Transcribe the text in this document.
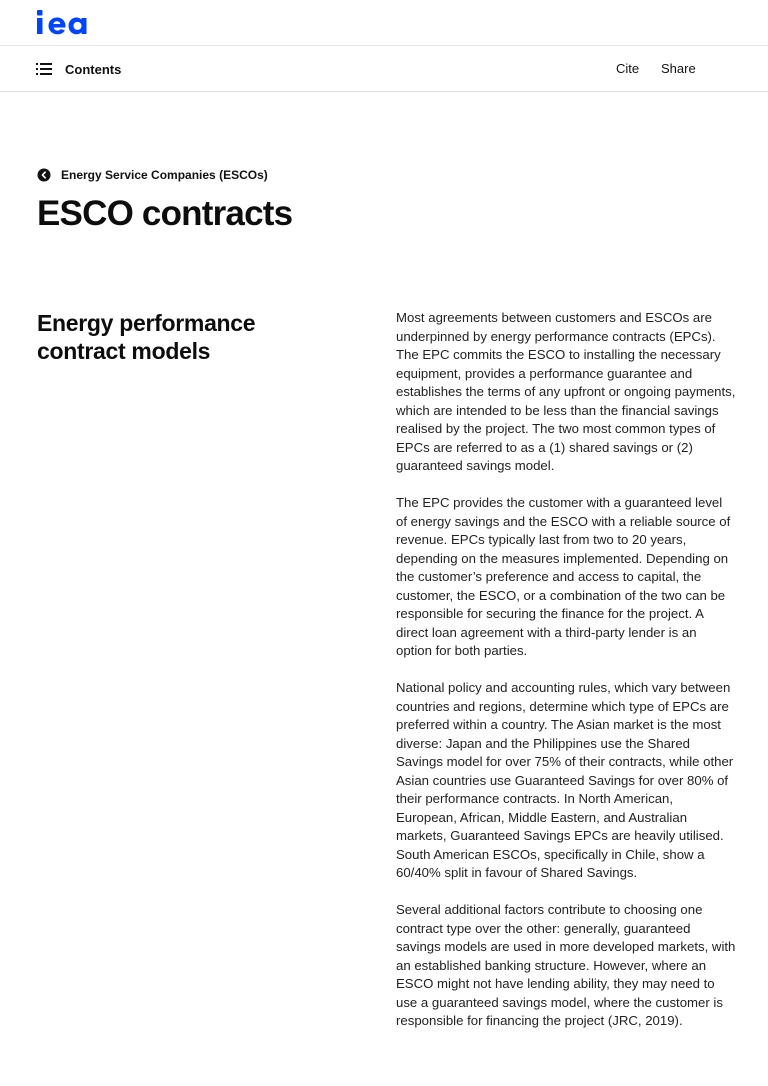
Contents	Cite Share
Energy Service Companies (ESCOs)
ESCO contracts
Energy performance contract models

Most agreements between customers and ESCOs are underpinned by energy performance contracts (EPCs). The EPC commits the ESCO to installing the necessary equipment, provides a performance guarantee and establishes the terms of any upfront or ongoing payments, which are intended to be less than the financial savings realised by the project. The two most common types of EPCs are referred to as a (1) shared savings or (2) guaranteed savings model.

The EPC provides the customer with a guaranteed level of energy savings and the ESCO with a reliable source of revenue. EPCs typically last from two to 20 years, depending on the measures implemented. Depending on the customer’s preference and access to capital, the customer, the ESCO, or a combination of the two can be responsible for securing the finance for the project. A direct loan agreement with a third-party lender is an option for both parties.

National policy and accounting rules, which vary between countries and regions, determine which type of EPCs are preferred within a country. The Asian market is the most diverse: Japan and the Philippines use the Shared Savings model for over 75% of their contracts, while other Asian countries use Guaranteed Savings for over 80% of their performance contracts. In North American, European, African, Middle Eastern, and Australian markets, Guaranteed Savings EPCs are heavily utilised. South American ESCOs, specifically in Chile, show a 60/40% split in favour of Shared Savings.

Several additional factors contribute to choosing one contract type over the other: generally, guaranteed savings models are used in more developed markets, with an established banking structure. However, where an ESCO might not have lending ability, they may need to use a guaranteed savings model, where the customer is responsible for financing the project (JRC, 2019).
